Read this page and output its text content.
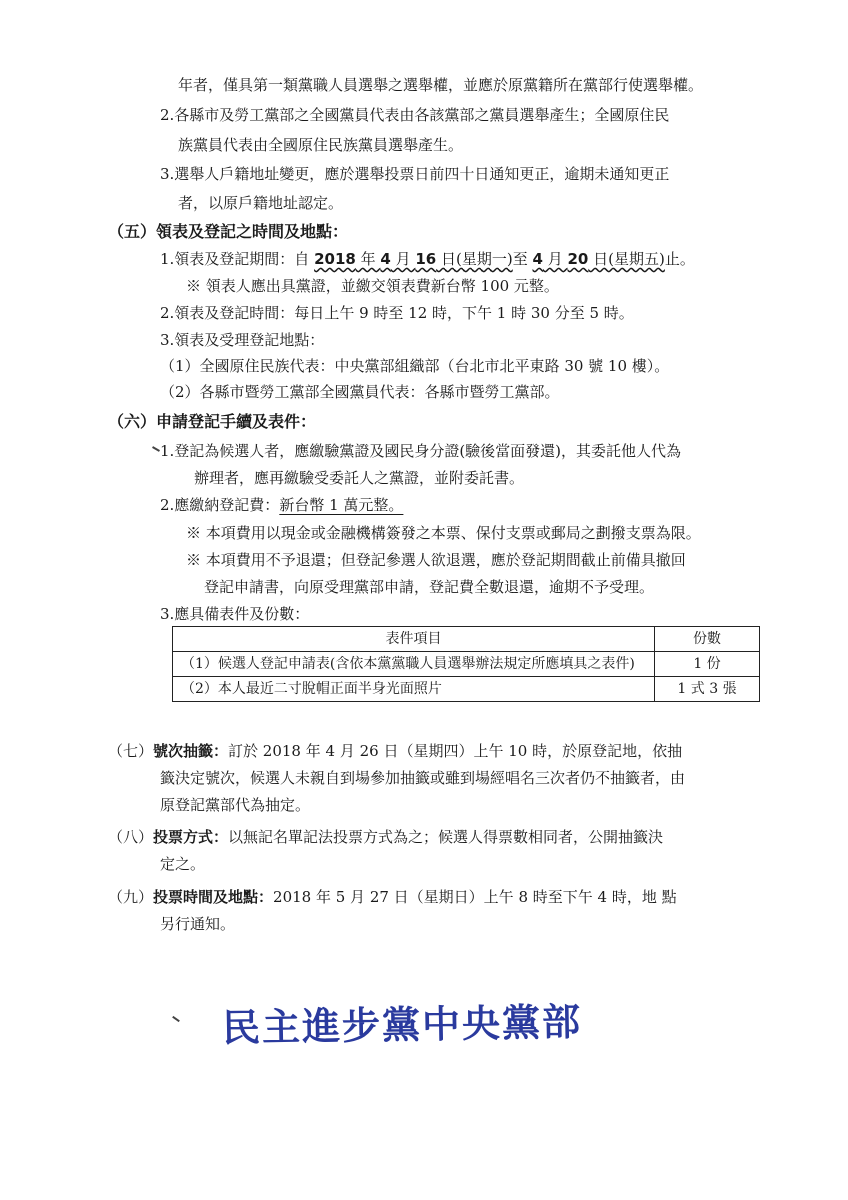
年者，僅具第一類黨職人員選舉之選舉權，並應於原黨籍所在黨部行使選舉權。
2.各縣市及勞工黨部之全國黨員代表由各該黨部之黨員選舉產生；全國原住民
族黨員代表由全國原住民族黨員選舉產生。
3.選舉人戶籍地址變更，應於選舉投票日前四十日通知更正，逾期未通知更正
者，以原戶籍地址認定。
（五）領表及登記之時間及地點：
1.領表及登記期間：自 2018 年 4 月 16 日(星期一)至 4 月 20 日(星期五)止。
※ 領表人應出具黨證，並繳交領表費新台幣 100 元整。
2.領表及登記時間：每日上午 9 時至 12 時，下午 1 時 30 分至 5 時。
3.領表及受理登記地點：
（1）全國原住民族代表：中央黨部組織部（台北市北平東路 30 號 10 樓）。
（2）各縣市暨勞工黨部全國黨員代表：各縣市暨勞工黨部。
（六）申請登記手續及表件：
1.登記為候選人者，應繳驗黨證及國民身分證(驗後當面發還)，其委託他人代為
辦理者，應再繳驗受委託人之黨證，並附委託書。
2.應繳納登記費：新台幣 1 萬元整。
※ 本項費用以現金或金融機構簽發之本票、保付支票或郵局之劃撥支票為限。
※ 本項費用不予退還；但登記參選人欲退選，應於登記期間截止前備具撤回
登記申請書，向原受理黨部申請，登記費全數退還，逾期不予受理。
3.應具備表件及份數：
表件項目	份數
（1）候選人登記申請表(含依本黨黨職人員選舉辦法規定所應填具之表件)	1 份
（2）本人最近二寸脫帽正面半身光面照片	1 式 3 張
（七）號次抽籤：訂於 2018 年 4 月 26 日（星期四）上午 10 時，於原登記地，依抽
籤決定號次，候選人未親自到場參加抽籤或雖到場經唱名三次者仍不抽籤者，由
原登記黨部代為抽定。
（八）投票方式：以無記名單記法投票方式為之；候選人得票數相同者，公開抽籤決
定之。
（九）投票時間及地點：2018 年 5 月 27 日（星期日）上午 8 時至下午 4 時，地 點
另行通知。
民主進步黨中央黨部
